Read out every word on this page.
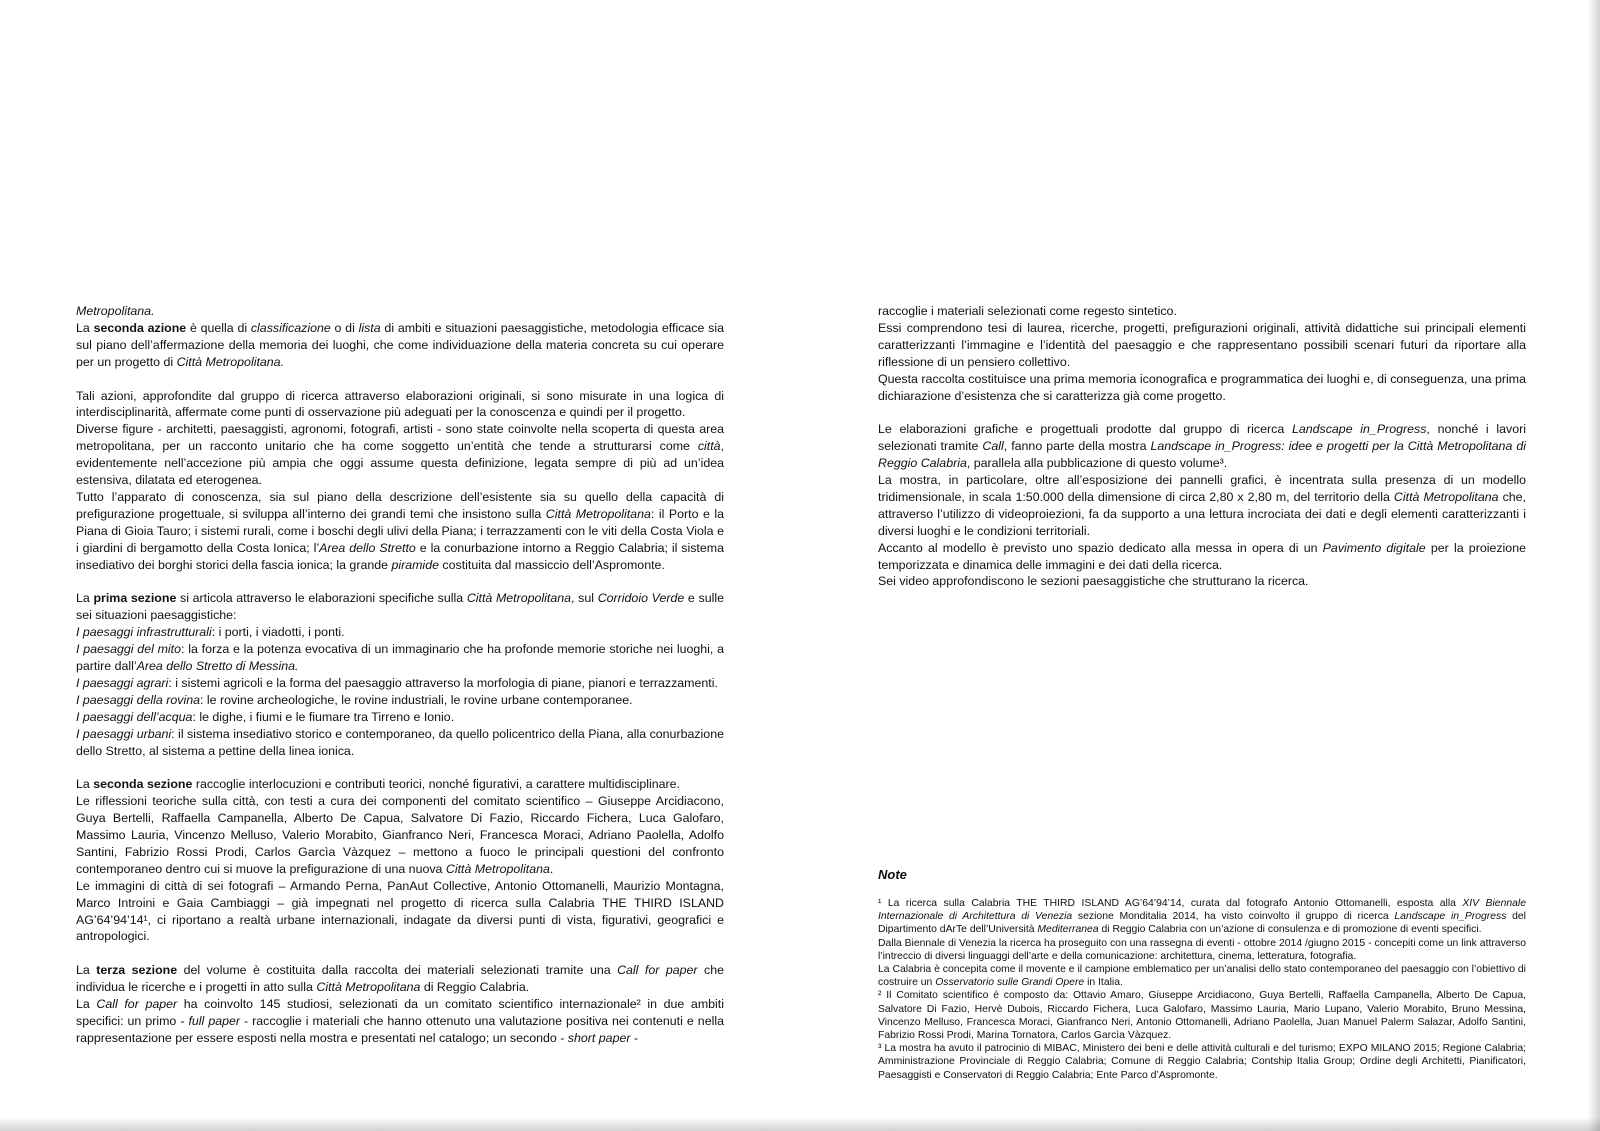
Metropolitana.

La seconda azione è quella di classificazione o di lista di ambiti e situazioni paesaggistiche, metodologia efficace sia sul piano dell’affermazione della memoria dei luoghi, che come individuazione della materia concreta su cui operare per un progetto di Città Metropolitana.

Tali azioni, approfondite dal gruppo di ricerca attraverso elaborazioni originali, si sono misurate in una logica di interdisciplinarità, affermate come punti di osservazione più adeguati per la conoscenza e quindi per il progetto.

Diverse figure - architetti, paesaggisti, agronomi, fotografi, artisti - sono state coinvolte nella scoperta di questa area metropolitana, per un racconto unitario che ha come soggetto un’entità che tende a strutturarsi come città, evidentemente nell’accezione più ampia che oggi assume questa definizione, legata sempre di più ad un’idea estensiva, dilatata ed eterogenea.

Tutto l’apparato di conoscenza, sia sul piano della descrizione dell’esistente sia su quello della capacità di prefigurazione progettuale, si sviluppa all’interno dei grandi temi che insistono sulla Città Metropolitana: il Porto e la Piana di Gioia Tauro; i sistemi rurali, come i boschi degli ulivi della Piana; i terrazzamenti con le viti della Costa Viola e i giardini di bergamotto della Costa Ionica; l’Area dello Stretto e la conurbazione intorno a Reggio Calabria; il sistema insediativo dei borghi storici della fascia ionica; la grande piramide costituita dal massiccio dell’Aspromonte.

La prima sezione si articola attraverso le elaborazioni specifiche sulla Città Metropolitana, sul Corridoio Verde e sulle sei situazioni paesaggistiche:

I paesaggi infrastrutturali: i porti, i viadotti, i ponti.

I paesaggi del mito: la forza e la potenza evocativa di un immaginario che ha profonde memorie storiche nei luoghi, a partire dall’Area dello Stretto di Messina.

I paesaggi agrari: i sistemi agricoli e la forma del paesaggio attraverso la morfologia di piane, pianori e terrazzamenti.

I paesaggi della rovina: le rovine archeologiche, le rovine industriali, le rovine urbane contemporanee.

I paesaggi dell’acqua: le dighe, i fiumi e le fiumare tra Tirreno e Ionio.

I paesaggi urbani: il sistema insediativo storico e contemporaneo, da quello policentrico della Piana, alla conurbazione dello Stretto, al sistema a pettine della linea ionica.

La seconda sezione raccoglie interlocuzioni e contributi teorici, nonché figurativi, a carattere multidisciplinare.

Le riflessioni teoriche sulla città, con testi a cura dei componenti del comitato scientifico – Giuseppe Arcidiacono, Guya Bertelli, Raffaella Campanella, Alberto De Capua, Salvatore Di Fazio, Riccardo Fichera, Luca Galofaro, Massimo Lauria, Vincenzo Melluso, Valerio Morabito, Gianfranco Neri, Francesca Moraci, Adriano Paolella, Adolfo Santini, Fabrizio Rossi Prodi, Carlos Garcìa Vàzquez – mettono a fuoco le principali questioni del confronto contemporaneo dentro cui si muove la prefigurazione di una nuova Città Metropolitana.

Le immagini di città di sei fotografi – Armando Perna, PanAut Collective, Antonio Ottomanelli, Maurizio Montagna, Marco Introini e Gaia Cambiaggi – già impegnati nel progetto di ricerca sulla Calabria THE THIRD ISLAND AG’64’94’14¹, ci riportano a realtà urbane internazionali, indagate da diversi punti di vista, figurativi, geografici e antropologici.

La terza sezione del volume è costituita dalla raccolta dei materiali selezionati tramite una Call for paper che individua le ricerche e i progetti in atto sulla Città Metropolitana di Reggio Calabria.

La Call for paper ha coinvolto 145 studiosi, selezionati da un comitato scientifico internazionale² in due ambiti specifici: un primo - full paper - raccoglie i materiali che hanno ottenuto una valutazione positiva nei contenuti e nella rappresentazione per essere esposti nella mostra e presentati nel catalogo; un secondo - short paper -

raccoglie i materiali selezionati come regesto sintetico.

Essi comprendono tesi di laurea, ricerche, progetti, prefigurazioni originali, attività didattiche sui principali elementi caratterizzanti l’immagine e l’identità del paesaggio e che rappresentano possibili scenari futuri da riportare alla riflessione di un pensiero collettivo.

Questa raccolta costituisce una prima memoria iconografica e programmatica dei luoghi e, di conseguenza, una prima dichiarazione d’esistenza che si caratterizza già come progetto.

Le elaborazioni grafiche e progettuali prodotte dal gruppo di ricerca Landscape in_Progress, nonché i lavori selezionati tramite Call, fanno parte della mostra Landscape in_Progress: idee e progetti per la Città Metropolitana di Reggio Calabria, parallela alla pubblicazione di questo volume³.

La mostra, in particolare, oltre all’esposizione dei pannelli grafici, è incentrata sulla presenza di un modello tridimensionale, in scala 1:50.000 della dimensione di circa 2,80 x 2,80 m, del territorio della Città Metropolitana che, attraverso l’utilizzo di videoproiezioni, fa da supporto a una lettura incrociata dei dati e degli elementi caratterizzanti i diversi luoghi e le condizioni territoriali.

Accanto al modello è previsto uno spazio dedicato alla messa in opera di un Pavimento digitale per la proiezione temporizzata e dinamica delle immagini e dei dati della ricerca.

Sei video approfondiscono le sezioni paesaggistiche che strutturano la ricerca.

Note

¹ La ricerca sulla Calabria THE THIRD ISLAND AG’64’94’14, curata dal fotografo Antonio Ottomanelli, esposta alla XIV Biennale Internazionale di Architettura di Venezia sezione Monditalia 2014, ha visto coinvolto il gruppo di ricerca Landscape in_Progress del Dipartimento dArTe dell’Università Mediterranea di Reggio Calabria con un’azione di consulenza e di promozione di eventi specifici.

Dalla Biennale di Venezia la ricerca ha proseguito con una rassegna di eventi - ottobre 2014 /giugno 2015 - concepiti come un link attraverso l’intreccio di diversi linguaggi dell’arte e della comunicazione: architettura, cinema, letteratura, fotografia.

La Calabria è concepita come il movente e il campione emblematico per un’analisi dello stato contemporaneo del paesaggio con l’obiettivo di costruire un Osservatorio sulle Grandi Opere in Italia.

² Il Comitato scientifico è composto da: Ottavio Amaro, Giuseppe Arcidiacono, Guya Bertelli, Raffaella Campanella, Alberto De Capua, Salvatore Di Fazio, Hervè Dubois, Riccardo Fichera, Luca Galofaro, Massimo Lauria, Mario Lupano, Valerio Morabito, Bruno Messina, Vincenzo Melluso, Francesca Moraci, Gianfranco Neri, Antonio Ottomanelli, Adriano Paolella, Juan Manuel Palerm Salazar, Adolfo Santini, Fabrizio Rossi Prodi, Marina Tornatora, Carlos Garcìa Vàzquez.

³ La mostra ha avuto il patrocinio di MIBAC, Ministero dei beni e delle attività culturali e del turismo; EXPO MILANO 2015; Regione Calabria; Amministrazione Provinciale di Reggio Calabria; Comune di Reggio Calabria; Contship Italia Group; Ordine degli Architetti, Pianificatori, Paesaggisti e Conservatori di Reggio Calabria; Ente Parco d’Aspromonte.
